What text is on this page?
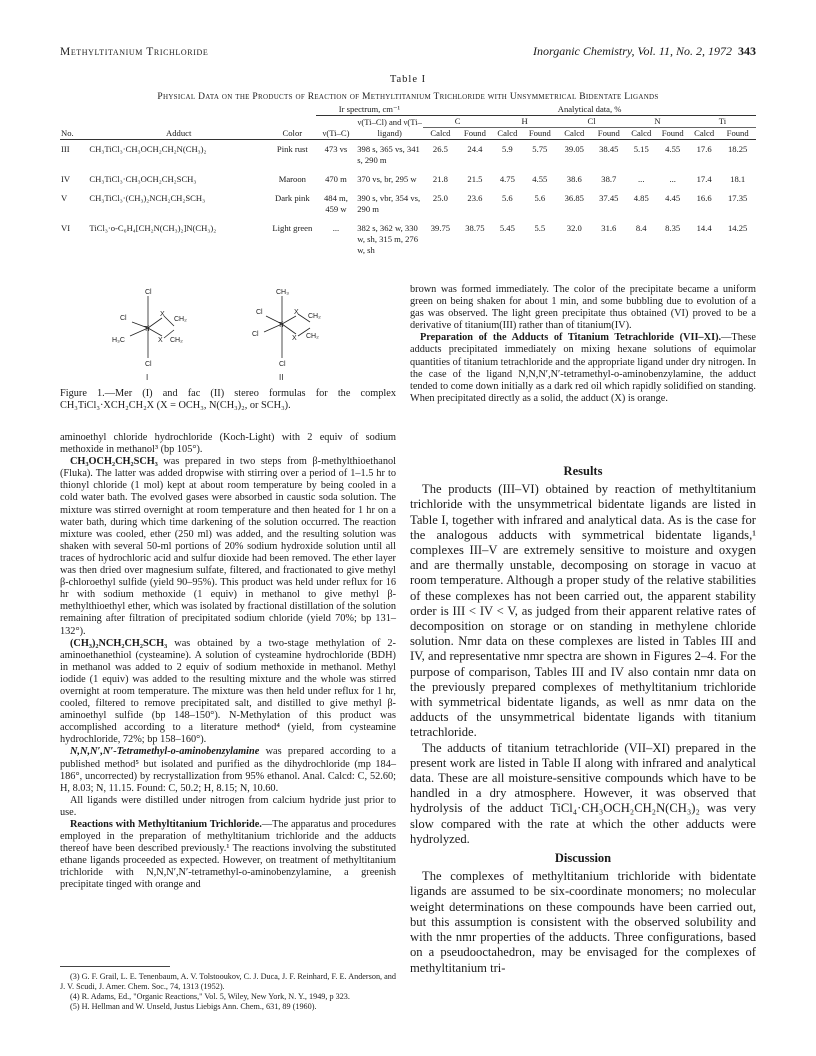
Methyltitanium Trichloride	Inorganic Chemistry, Vol. 11, No. 2, 1972 343
Table I
Physical Data on the Products of Reaction of Methyltitanium Trichloride with Unsymmetrical Bidentate Ligands
			Ir spectrum, cm⁻¹		Analytical data, %									
				ν(Ti–Cl) and ν(Ti–ligand)	C		H		Cl		N		Ti	
No.	Adduct	Color	ν(Ti–C)		Calcd	Found	Calcd	Found	Calcd	Found	Calcd	Found	Calcd	Found
III	CH₃TiCl₃·CH₃OCH₂CH₂N(CH₃)₂	Pink rust	473 vs	398 s, 365 vs, 341 s, 290 m	26.5	24.4	5.9	5.75	39.05	38.45	5.15	4.55	17.6	18.25
IV	CH₃TiCl₃·CH₃OCH₂CH₂SCH₃	Maroon	470 m	370 vs, br, 295 w	21.8	21.5	4.75	4.55	38.6	38.7	...	...	17.4	18.1
V	CH₃TiCl₃·(CH₃)₂NCH₂CH₂SCH₃	Dark pink	484 m, 459 w	390 s, vbr, 354 vs, 290 m	25.0	23.6	5.6	5.6	36.85	37.45	4.85	4.45	16.6	17.35
VI	TiCl₃·o-C₆H₄[CH₂N(CH₃)₂]N(CH₃)₂	Light green	...	382 s, 362 w, 330 w, sh, 315 m, 276 w, sh	39.75	38.75	5.45	5.5	32.0	31.6	8.4	8.35	14.4	14.25
Cl
Cl
H₃C
Ti
X
X
CH₂
CH₂
Cl
I
CH₃
Cl
Cl
Ti
X
X
CH₂
CH₂
Cl
II
Figure 1.—Mer (I) and fac (II) stereo formulas for the complex CH₃TiCl₃·XCH₂CH₂X (X = OCH₃, N(CH₃)₂, or SCH₃).

aminoethyl chloride hydrochloride (Koch-Light) with 2 equiv of sodium methoxide in methanol³ (bp 105°).

CH₃OCH₂CH₂SCH₃ was prepared in two steps from β-methylthioethanol (Fluka). The latter was added dropwise with stirring over a period of 1–1.5 hr to thionyl chloride (1 mol) kept at about room temperature by being cooled in a cold water bath. The evolved gases were absorbed in caustic soda solution. The mixture was stirred overnight at room temperature and then heated for 1 hr on a water bath, during which time darkening of the solution occurred. The reaction mixture was cooled, ether (250 ml) was added, and the resulting solution was shaken with several 50-ml portions of 20% sodium hydroxide solution until all traces of hydrochloric acid and sulfur dioxide had been removed. The ether layer was then dried over magnesium sulfate, filtered, and fractionated to give methyl β-chloroethyl sulfide (yield 90–95%). This product was held under reflux for 16 hr with sodium methoxide (1 equiv) in methanol to give methyl β-methylthioethyl ether, which was isolated by fractional distillation of the solution remaining after filtration of precipitated sodium chloride (yield 70%; bp 131–132°).

(CH₃)₂NCH₂CH₂SCH₃ was obtained by a two-stage methylation of 2-aminoethanethiol (cysteamine). A solution of cysteamine hydrochloride (BDH) in methanol was added to 2 equiv of sodium methoxide in methanol. Methyl iodide (1 equiv) was added to the resulting mixture and the whole was stirred overnight at room temperature. The mixture was then held under reflux for 1 hr, cooled, filtered to remove precipitated salt, and distilled to give methyl β-aminoethyl sulfide (bp 148–150°). N-Methylation of this product was accomplished according to a literature method⁴ (yield, from cysteamine hydrochloride, 72%; bp 158–160°).

N,N,N′,N′-Tetramethyl-o-aminobenzylamine was prepared according to a published method⁵ but isolated and purified as the dihydrochloride (mp 184–186°, uncorrected) by recrystallization from 95% ethanol. Anal. Calcd: C, 52.60; H, 8.03; N, 11.15. Found: C, 50.2; H, 8.15; N, 10.60.

All ligands were distilled under nitrogen from calcium hydride just prior to use.

Reactions with Methyltitanium Trichloride.—The apparatus and procedures employed in the preparation of methyltitanium trichloride and the adducts thereof have been described previously.¹ The reactions involving the substituted ethane ligands proceeded as expected. However, on treatment of methyltitanium trichloride with N,N,N′,N′-tetramethyl-o-aminobenzylamine, a greenish precipitate tinged with orange and

(3) G. F. Grail, L. E. Tenenbaum, A. V. Tolstooukov, C. J. Duca, J. F. Reinhard, F. E. Anderson, and J. V. Scudi, J. Amer. Chem. Soc., 74, 1313 (1952).

(4) R. Adams, Ed., "Organic Reactions," Vol. 5, Wiley, New York, N. Y., 1949, p 323.

(5) H. Hellman and W. Unseld, Justus Liebigs Ann. Chem., 631, 89 (1960).

brown was formed immediately. The color of the precipitate became a uniform green on being shaken for about 1 min, and some bubbling due to evolution of a gas was observed. The light green precipitate thus obtained (VI) proved to be a derivative of titanium(III) rather than of titanium(IV).

Preparation of the Adducts of Titanium Tetrachloride (VII–XI).—These adducts precipitated immediately on mixing hexane solutions of equimolar quantities of titanium tetrachloride and the appropriate ligand under dry nitrogen. In the case of the ligand N,N,N′,N′-tetramethyl-o-aminobenzylamine, the adduct tended to come down initially as a dark red oil which rapidly solidified on standing. When precipitated directly as a solid, the adduct (X) is orange.

Results

The products (III–VI) obtained by reaction of methyltitanium trichloride with the unsymmetrical bidentate ligands are listed in Table I, together with infrared and analytical data. As is the case for the analogous adducts with symmetrical bidentate ligands,¹ complexes III–V are extremely sensitive to moisture and oxygen and are thermally unstable, decomposing on storage in vacuo at room temperature. Although a proper study of the relative stabilities of these complexes has not been carried out, the apparent stability order is III < IV < V, as judged from their apparent relative rates of decomposition on storage or on standing in methylene chloride solution. Nmr data on these complexes are listed in Tables III and IV, and representative nmr spectra are shown in Figures 2–4. For the purpose of comparison, Tables III and IV also contain nmr data on the previously prepared complexes of methyltitanium trichloride with symmetrical bidentate ligands, as well as nmr data on the adducts of the unsymmetrical bidentate ligands with titanium tetrachloride.

The adducts of titanium tetrachloride (VII–XI) prepared in the present work are listed in Table II along with infrared and analytical data. These are all moisture-sensitive compounds which have to be handled in a dry atmosphere. However, it was observed that hydrolysis of the adduct TiCl₄·CH₃OCH₂CH₂N(CH₃)₂ was very slow compared with the rate at which the other adducts were hydrolyzed.

Discussion

The complexes of methyltitanium trichloride with bidentate ligands are assumed to be six-coordinate monomers; no molecular weight determinations on these compounds have been carried out, but this assumption is consistent with the observed solubility and with the nmr properties of the adducts. Three configurations, based on a pseudooctahedron, may be envisaged for the complexes of methyltitanium tri-
